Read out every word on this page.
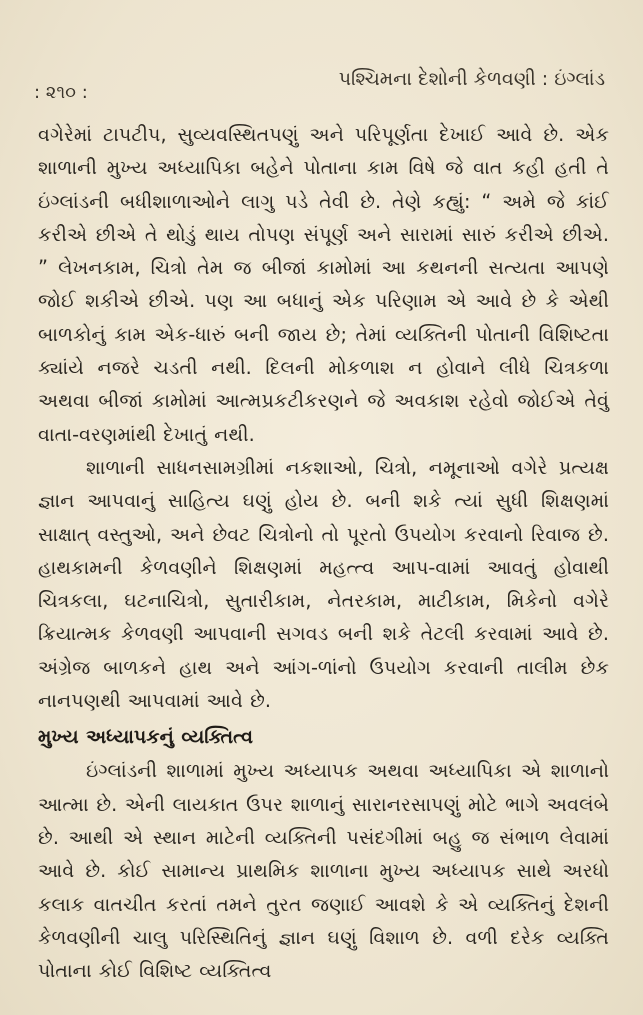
: ૨૧૦ :
પશ્ચિમના દેશોની કેળવણી : ઇંગ્લાંડ

વગેરેમાં ટાપટીપ, સુવ્યવસ્થિતપણું અને પરિપૂર્ણતા દેખાઈ આવે છે. એક શાળાની મુખ્ય અધ્યાપિકા બહેને પોતાના કામ વિષે જે વાત કહી હતી તે ઇંગ્લાંડની બધીશાળાઓને લાગુ પડે તેવી છે. તેણે કહ્યું: “ અમે જે કાંઈ કરીએ છીએ તે થોડું થાય તોપણ સંપૂર્ણ અને સારામાં સારું કરીએ છીએ. ” લેખનકામ, ચિત્રો તેમ જ બીજાં કામોમાં આ કથનની સત્યતા આપણે જોઈ શકીએ છીએ. પણ આ બધાનું એક પરિણામ એ આવે છે કે એથી બાળકોનું કામ એક-ધારું બની જાય છે; તેમાં વ્યક્તિની પોતાની વિશિષ્ટતા ક્યાંયે નજરે ચડતી નથી. દિલની મોકળાશ ન હોવાને લીધે ચિત્રકળા અથવા બીજાં કામોમાં આત્મપ્રકટીકરણને જે અવકાશ રહેવો જોઈએ તેવું વાતા-વરણમાંથી દેખાતું નથી.

શાળાની સાધનસામગ્રીમાં નકશાઓ, ચિત્રો, નમૂનાઓ વગેરે પ્રત્યક્ષ જ્ઞાન આપવાનું સાહિત્ય ઘણું હોય છે. બની શકે ત્યાં સુધી શિક્ષણમાં સાક્ષાત્ વસ્તુઓ, અને છેવટ ચિત્રોનો તો પૂરતો ઉપયોગ કરવાનો રિવાજ છે. હાથકામની કેળવણીને શિક્ષણમાં મહત્ત્વ આપ-વામાં આવતું હોવાથી ચિત્રકલા, ઘટનાચિત્રો, સુતારીકામ, નેતરકામ, માટીકામ, મિકેનો વગેરે ક્રિયાત્મક કેળવણી આપવાની સગવડ બની શકે તેટલી કરવામાં આવે છે. અંગ્રેજ બાળકને હાથ અને આંગ-ળાંનો ઉપયોગ કરવાની તાલીમ છેક નાનપણથી આપવામાં આવે છે.

મુખ્ય અધ્યાપકનું વ્યક્તિત્વ

ઇંગ્લાંડની શાળામાં મુખ્ય અધ્યાપક અથવા અધ્યાપિકા એ શાળાનો આત્મા છે. એની લાયકાત ઉપર શાળાનું સારાનરસાપણું મોટે ભાગે અવલંબે છે. આથી એ સ્થાન માટેની વ્યક્તિની પસંદગીમાં બહુ જ સંભાળ લેવામાં આવે છે. કોઈ સામાન્ય પ્રાથમિક શાળાના મુખ્ય અધ્યાપક સાથે અરધો કલાક વાતચીત કરતાં તમને તુરત જણાઈ આવશે કે એ વ્યક્તિનું દેશની કેળવણીની ચાલુ પરિસ્થિતિનું જ્ઞાન ઘણું વિશાળ છે. વળી દરેક વ્યક્તિ પોતાના કોઈ વિશિષ્ટ વ્યક્તિત્વ
